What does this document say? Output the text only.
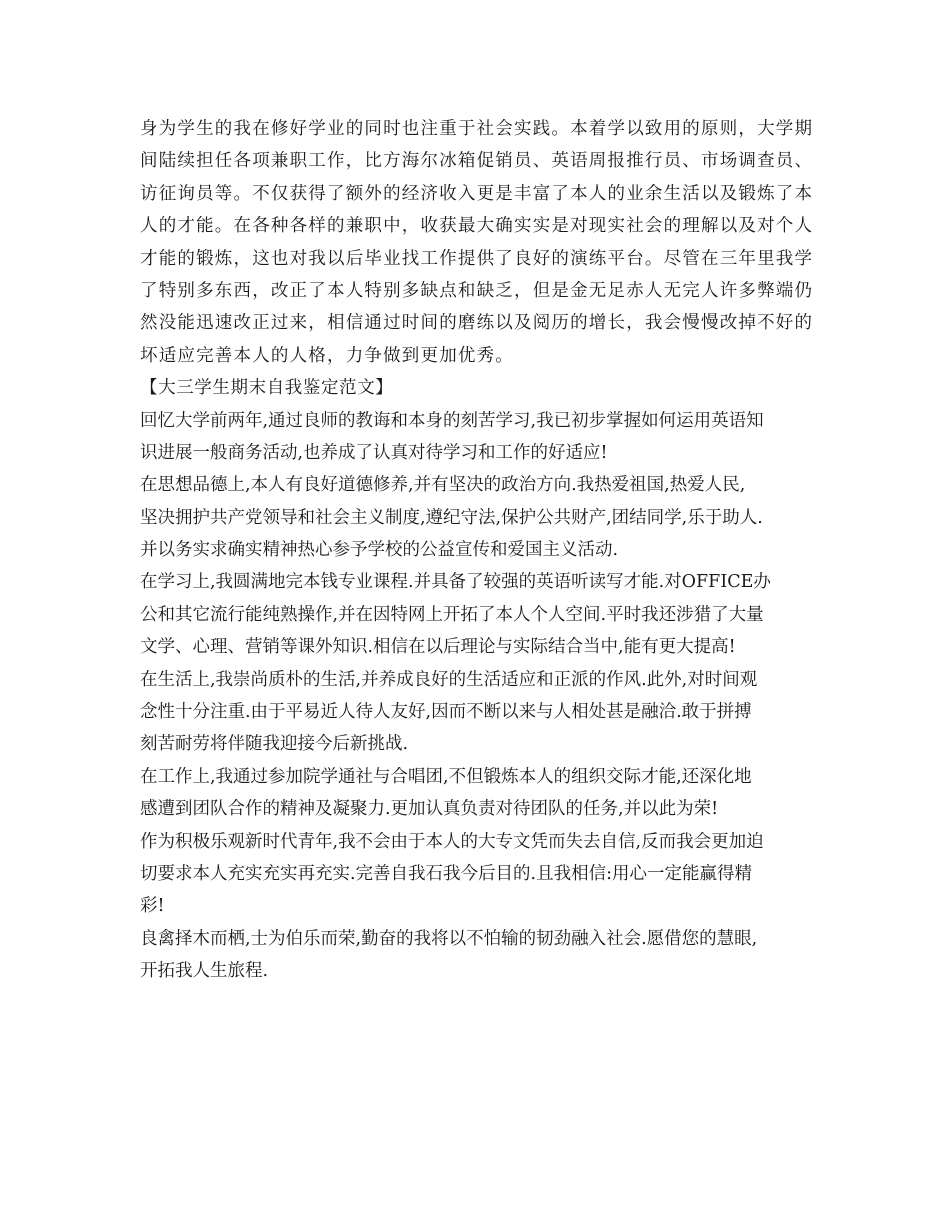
身为学生的我在修好学业的同时也注重于社会实践。本着学以致用的原则，大学期
间陆续担任各项兼职工作，比方海尔冰箱促销员、英语周报推行员、市场调查员、
访征询员等。不仅获得了额外的经济收入更是丰富了本人的业余生活以及锻炼了本
人的才能。在各种各样的兼职中，收获最大确实实是对现实社会的理解以及对个人
才能的锻炼，这也对我以后毕业找工作提供了良好的演练平台。尽管在三年里我学
了特别多东西，改正了本人特别多缺点和缺乏，但是金无足赤人无完人许多弊端仍
然没能迅速改正过来，相信通过时间的磨练以及阅历的增长，我会慢慢改掉不好的
坏适应完善本人的人格，力争做到更加优秀。
【大三学生期末自我鉴定范文】
回忆大学前两年,通过良师的教诲和本身的刻苦学习,我已初步掌握如何运用英语知
识进展一般商务活动,也养成了认真对待学习和工作的好适应!
在思想品德上,本人有良好道德修养,并有坚决的政治方向.我热爱祖国,热爱人民,
坚决拥护共产党领导和社会主义制度,遵纪守法,保护公共财产,团结同学,乐于助人.
并以务实求确实精神热心参予学校的公益宣传和爱国主义活动.
在学习上,我圆满地完本钱专业课程.并具备了较强的英语听读写才能.对OFFICE办
公和其它流行能纯熟操作,并在因特网上开拓了本人个人空间.平时我还涉猎了大量
文学、心理、营销等课外知识.相信在以后理论与实际结合当中,能有更大提高!
在生活上,我崇尚质朴的生活,并养成良好的生活适应和正派的作风.此外,对时间观
念性十分注重.由于平易近人待人友好,因而不断以来与人相处甚是融洽.敢于拼搏
刻苦耐劳将伴随我迎接今后新挑战.
在工作上,我通过参加院学通社与合唱团,不但锻炼本人的组织交际才能,还深化地
感遭到团队合作的精神及凝聚力.更加认真负责对待团队的任务,并以此为荣!
作为积极乐观新时代青年,我不会由于本人的大专文凭而失去自信,反而我会更加迫
切要求本人充实充实再充实.完善自我石我今后目的.且我相信:用心一定能赢得精
彩!
良禽择木而栖,士为伯乐而荣,勤奋的我将以不怕输的韧劲融入社会.愿借您的慧眼,
开拓我人生旅程.
